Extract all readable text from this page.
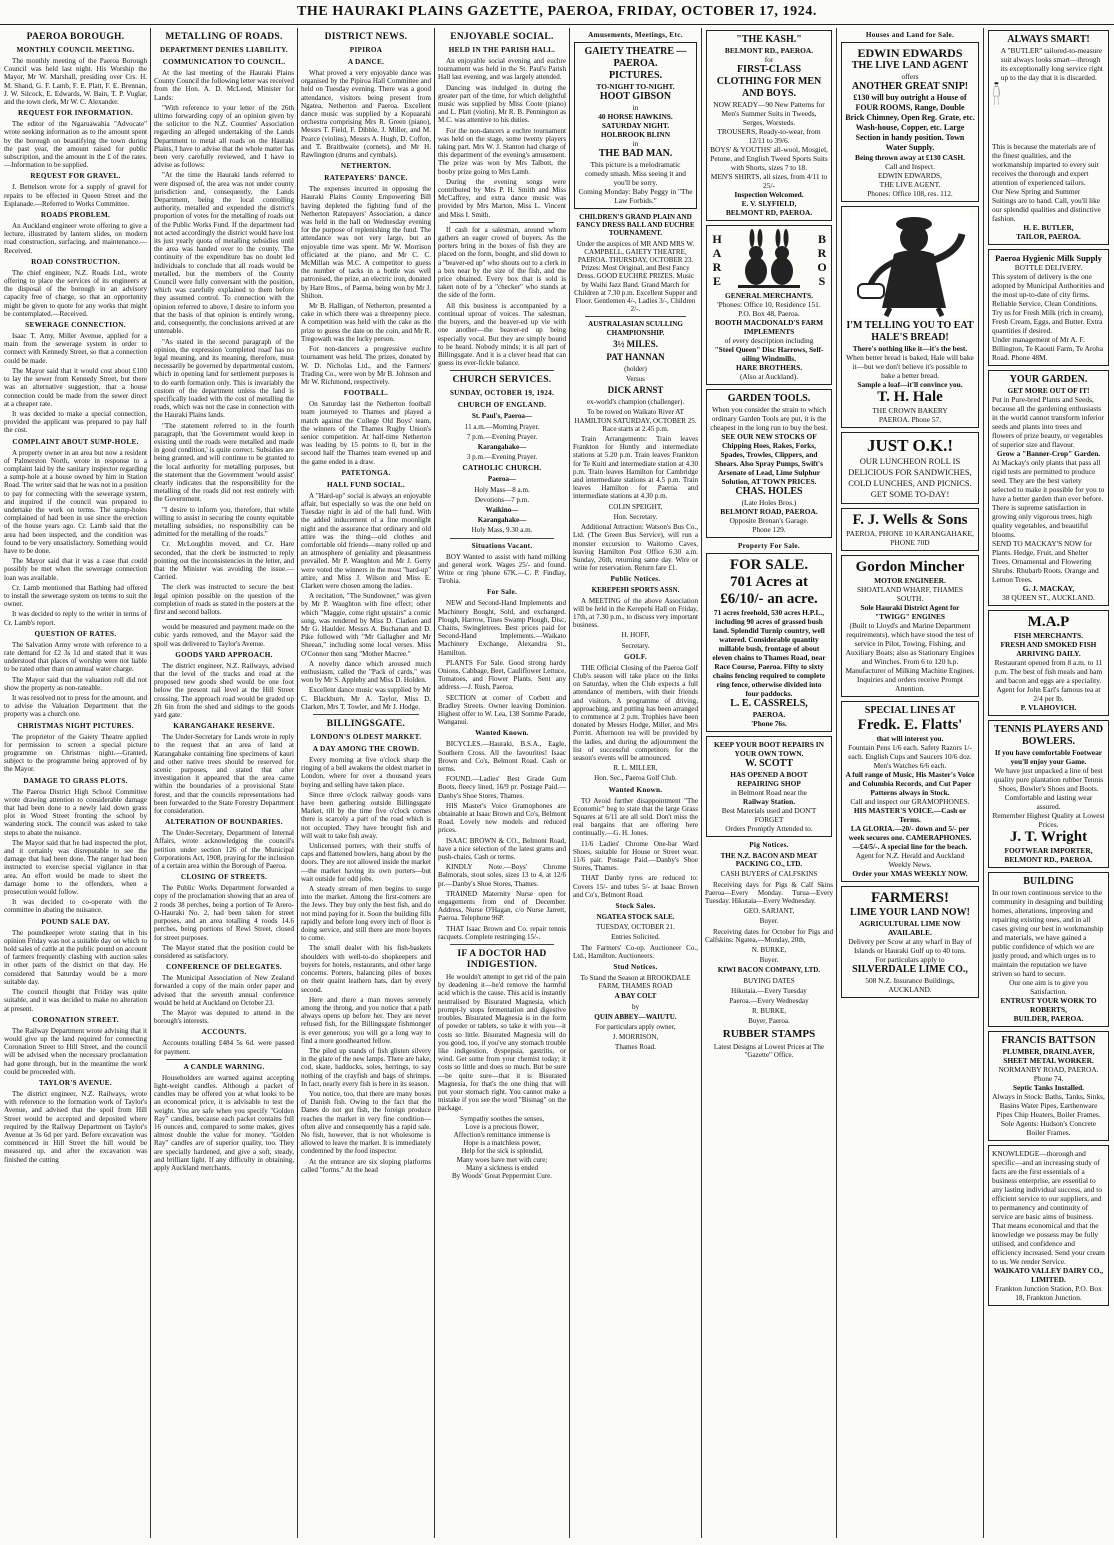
THE HAURAKI PLAINS GAZETTE, PAEROA, FRIDAY, OCTOBER 17, 1924.
PAEROA BOROUGH.
MONTHLY COUNCIL MEETING.

The monthly meeting of the Paeroa Borough Council was held last night. His Worship the Mayor, Mr W. Marshall, presiding over Crs. H. M. Shand, G. F. Lamb, F. E. Platt, F. E. Brennan, J. W. Silcock, E. Edwards, W. Bain, T. P. Vuglar, and the town clerk, Mr W. C. Alexander.

REQUEST FOR INFORMATION.

The editor of the Ngaruawahia "Advocate" wrote seeking information as to the amount spent by the borough on beautifying the town during the past year, the amount raised for public subscription, and the amount in the £ of the rates.—Information to be supplied.

REQUEST FOR GRAVEL.

J. Bettelson wrote for a supply of gravel for repairs to be effected in Queen Street and the Esplanade.—Referred to Works Committee.

ROADS PROBLEM.

An Auckland engineer wrote offering to give a lecture, illustrated by lantern slides, on modern road construction, surfacing, and maintenance.—Received.

ROAD CONSTRUCTION.

The chief engineer, N.Z. Roads Ltd., wrote offering to place the services of its engineers at the disposal of the borough in an advisory capacity free of charge, so that an opportunity might be given to quote for any works that might be contemplated.—Received.

SEWERAGE CONNECTION.

Isaac T. Amy, Miller Avenue, applied for a main from the sewerage system in order to connect with Kennedy Street, so that a connection could be made.

The Mayor said that it would cost about £100 to lay the sewer from Kennedy Street, but there was an alternative suggestion, that a house connection could be made from the sewer direct at a cheaper rate.

It was decided to make a special connection, provided the applicant was prepared to pay half the cost.

COMPLAINT ABOUT SUMP-HOLE.

A property owner in an area but now a resident of Palmerston North, wrote in response to a complaint laid by the sanitary inspector regarding a sump-hole at a house owned by him in Station Road. The writer said that he was not in a position to pay for connecting with the sewerage system, and inquired if the council was prepared to undertake the work on terms. The sump-holes complained of had been in use since the erection of the house years ago. Cr. Lamb said that the area had been inspected, and the condition was found to be very unsatisfactory. Something would have to be done.

The Mayor said that it was a case that could possibly be met when the sewerage connection loan was available.

Cr. Lamb mentioned that Bathing had offered to install the sewerage system on terms to suit the owner.

It was decided to reply to the writer in terms of Cr. Lamb's report.

QUESTION OF RATES.

The Salvation Army wrote with reference to a rate demand for £2 3s 1d and stated that it was understood that places of worship were not liable to be rated other than on annual water charge.

The Mayor said that the valuation roll did not show the property as non-rateable.

It was resolved not to press for the amount, and to advise the Valuation Department that the property was a church one.

CHRISTMAS NIGHT PICTURES.

The proprietor of the Gaiety Theatre applied for permission to screen a special picture programme on Christmas night.—Granted, subject to the programme being approved of by the Mayor.

DAMAGE TO GRASS PLOTS.

The Paeroa District High School Committee wrote drawing attention to considerable damage that had been done to a newly laid down grass plot in Wood Street fronting the school by wandering stock. The council was asked to take steps to abate the nuisance.

The Mayor said that he had inspected the plot, and it certainly was disreputable to see the damage that had been done. The ranger had been instructed to exercise special vigilance in that area. An effort would be made to sheet the damage home to the offenders, when a prosecution would follow.

It was decided to co-operate with the committee in abating the nuisance.

POUND SALE DAY.

The poundkeeper wrote stating that in his opinion Friday was not a suitable day on which to hold sales of cattle at the public pound on account of farmers frequently clashing with auction sales in other parts of the district on that day. He considered that Saturday would be a more suitable day.

The council thought that Friday was quite suitable, and it was decided to make no alteration at present.

CORONATION STREET.

The Railway Department wrote advising that it would give up the land required for connecting Coronation Street to Hill Street, and the council will be advised when the necessary proclamation had gone through, but in the meantime the work could be proceeded with.

TAYLOR'S AVENUE.

The district engineer, N.Z. Railways, wrote with reference to the formation work of Taylor's Avenue, and advised that the spoil from Hill Street would be accepted and deposited where required by the Railway Department on Taylor's Avenue at 3s 6d per yard. Before excavation was commenced in Hill Street the hill would be measured up, and after the excavation was finished the cutting

METALLING OF ROADS.
DEPARTMENT DENIES LIABILITY.
COMMUNICATION TO COUNCIL.

At the last meeting of the Hauraki Plains County Council the following letter was received from the Hon. A. D. McLeod, Minister for Lands:

"With reference to your letter of the 26th ultimo forwarding copy of an opinion given by the solicitor to the N.Z. Counties' Association regarding an alleged undertaking of the Lands Department to metal all roads on the Hauraki Plains, I have to advise that the whole matter has been very carefully reviewed, and I have to advise as follows:

"At the time the Hauraki lands referred to were disposed of, the area was not under county jurisdiction and, consequently, the Lands Department, being the local controlling authority, metalled and expended the district's proportion of votes for the metalling of roads out of the Public Works Fund. If the department had not acted accordingly the district would have lost its just yearly quota of metalling subsidies until the area was handed over to the county. The continuity of the expenditure has no doubt led individuals to conclude that all roads would be metalled, but the members of the County Council were fully conversant with the position, which was carefully explained to them before they assumed control. To connection with the opinion referred to above, I desire to inform you that the basis of that opinion is entirely wrong, and, consequently, the conclusions arrived at are untenable.

"As stated in the second paragraph of the opinion, the expression 'completed road' has no legal meaning, and its meaning, therefore, must necessarily be governed by departmental custom, which in opening land for settlement purposes is to do earth formation only. This is invariably the custom of the department unless the land is specifically loaded with the cost of metalling the roads, which was not the case in connection with the Hauraki Plains lands.

"The statement referred to in the fourth paragraph, that 'the Government would keep in existing until the roads were metalled and made in good condition,' is quite correct. Subsidies are being granted, and will continue to be granted to the local authority for metalling purposes, but the statement that the Government 'would assist' clearly indicates that the responsibility for the metalling of the roads did not rest entirely with the Government.

"I desire to inform you, therefore, that while willing to assist in securing the county equitable metalling subsidies, no responsibility can be admitted for the metalling of the roads."

Cr. McLoughlin moved, and Cr. Hare seconded, that the clerk be instructed to reply pointing out the inconsistencies in the letter, and that the Minister was avoiding the issue.—Carried.

The clerk was instructed to secure the best legal opinion possible on the question of the completion of roads as stated in the posters at the first and second ballots.

would be measured and payment made on the cubic yards removed, and the Mayor said the spoil was delivered to Taylor's Avenue.

GOODS YARD APPROACH.

The district engineer, N.Z. Railways, advised that the level of the tracks and road at the proposed new goods shed would be one foot below the present rail level at the Hill Street crossing. The approach road would be graded up 2ft 6in from the shed and sidings to the goods yard gate.

KARANGAHAKE RESERVE.

The Under-Secretary for Lands wrote in reply to the request that an area of land at Karangahake containing fine specimens of kauri and other native trees should be reserved for scenic purposes, and stated that after investigation it appeared that the area came within the boundaries of a provisional State forest, and that the councils representations had been forwarded to the State Forestry Department for consideration.

ALTERATION OF BOUNDARIES.

The Under-Secretary, Department of Internal Affairs, wrote acknowledging the council's petition under section 126 of the Municipal Corporations Act, 1908, praying for the inclusion of a certain area within the Borough of Paeroa.

CLOSING OF STREETS.

The Public Works Department forwarded a copy of the proclamation showing that an area of 2 roods 38 perches, being a portion of Te Arero-O-Hauraki No. 2, had been taken for street purposes, and an area totalling 4 roods 14.6 perches, being portions of Rewi Street, closed for street purposes.

The Mayor stated that the position could be considered as satisfactory.

CONFERENCE OF DELEGATES.

The Municipal Association of New Zealand forwarded a copy of the main order paper and advised that the seventh annual conference would be held at Auckland on October 23.

The Mayor was deputed to attend in the borough's interests.

ACCOUNTS.

Accounts totalling £484 5s 6d. were passed for payment.

A CANDLE WARNING.

Householders are warned against accepting light-weight candles. Although a packet of candles may be offered you at what looks to be an economical price, it is advisable to test the weight. You are safe when you specify "Golden Ray" candles, because each packet contains full 16 ounces and, compared to some makes, gives almost double the value for money. "Golden Ray" candles are of superior quality, too. They are specially hardened, and give a soft, steady, and brilliant light. If any difficulty in obtaining, apply Auckland merchants.

DISTRICT NEWS.
PIPIROA
A DANCE.

What proved a very enjoyable dance was organised by the Pipiroa Hall Committee and held on Tuesday evening. There was a good attendance, visitors being present from Ngatea, Netherton and Paeroa. Excellent dance music was supplied by a Kopuarahi orchestra comprising Mrs R. Green (piano), Messrs T. Field, F. Dibble, J. Miller, and M. Pearce (violins), Messrs A. Hugh, D. Coffon, and T. Braithwaite (cornets), and Mr H. Rawlington (drums and cymbals).

NETHERTON.
RATEPAYERS' DANCE.

The expenses incurred in opposing the Hauraki Plains County Empowering Bill having depleted the fighting fund of the Netherton Ratepayers' Association, a dance was held in the hall on Wednesday evening for the purpose of replenishing the fund. The attendance was not very large, but an enjoyable time was spent. Mr W. Morrison officiated at the piano, and Mr C. C. McMillan was M.C. A competitor to guess the number of tacks in a bottle was well patronised, the prize, an electric iron, donated by Hare Bros., of Paeroa, being won by Mr J. Shilton.

Mr B. Halligan, of Netherton, presented a cake in which there was a threepenny piece. A competition was held with the cake as the prize to guess the date on the coin, and Mr R. Tregowath was the lucky person.

For non-dancers a progressive euchre tournament was held. The prizes, donated by W. D. Nicholas Ltd., and the Farmers' Trading Co., were won by Mr B. Johnson and Mr W. Richmond, respectively.

FOOTBALL.

On Saturday last the Netherton football team journeyed to Thames and played a match against the College Old Boys' team, the winners of the Thames Rugby Union's senior competition. At half-time Netherton was leading by 15 points to 0, but in the second half the Thames team evened up and the game ended in a draw.

PATETONGA.
HALL FUND SOCIAL.

A "Hard-up" social is always an enjoyable affair, but especially so was the one held on Tuesday night in aid of the hall fund. With the added inducement of a fine moonlight night and the assurance that ordinary and old attire was the thing—old clothes and comfortable old friends—many rolled up and an atmosphere of geniality and pleasantness prevailed. Mr P. Waughton and Mr J. Gerry were voted the winners in the most "hard-up" attire, and Miss J. Wilson and Miss E. Clarken were chosen among the ladies.

A recitation, "The Sundowner," was given by Mr P. Waughton with fine effect; other which "Maggie, come right upstairs" a comic song, was rendered by Miss D. Clarken and Mr G. Haulder. Messrs A. Buchanan and D. Pike followed with "Mr Gallagher and Mr Sheean," including some local verses. Miss O'Connor then sang "Mother Macree."

A novelty dance which aroused much enthusiasm, called the "Pack of cards," was won by Mr S. Appleby and Miss D. Holden.

Excellent dance music was supplied by Mr C. Blackburn, Mr A. Taylor, Miss D. Clarken, Mrs T. Towler, and Mr J. Hodge.

BILLINGSGATE.
LONDON'S OLDEST MARKET.
A DAY AMONG THE CROWD.

Every morning at five o'clock sharp the ringing of a bell awakens the oldest market in London, where for over a thousand years buying and selling have taken place.

Since three o'clock railway goods vans have been gathering outside Billingsgate Market, till by the time five o'clock comes there is scarcely a part of the road which is not occupied. They have brought fish and will wait to take fish away.

Unlicensed porters, with their stuffs of caps and flattened bowlers, hang about by the doors. They are not allowed inside the market—the market having its own porters—but wait outside for odd jobs.

A steady stream of men begins to surge into the market. Among the first-comers are the Jews. They buy only the best fish, and do not mind paying for it. Soon the building fills rapidly and before long every inch of floor is doing service, and still there are more buyers to come.

The small dealer with his fish-baskets shoulders with well-to-do shopkeepers and buyers for hotels, restaurants, and other large concerns. Porters, balancing piles of boxes on their quaint leathern hats, dart by every second.

Here and there a man moves serenely among the throng, and you notice that a path always opens up before her. They are never refused fish, for the Billingsgate fishmonger is ever generous; you will go a long way to find a more goodhearted fellow.

The piled up stands of fish glisten silvery in the glare of the new lamps. There are hake, cod, skate, haddocks, soles, herrings, to say nothing of the crayfish and bags of shrimps. In fact, nearly every fish is here in its season.

You notice, too, that there are many boxes of Danish fish. Owing to the fact that the Danes do not gut fish, the foreign produce reaches the market in very fine condition—often alive and consequently has a rapid sale. No fish, however, that is not wholesome is allowed to leave the market. It is immediately condemned by the food inspector.

At the entrance are six sloping platforms called "forms." At the head

ENJOYABLE SOCIAL.
HELD IN THE PARISH HALL.

An enjoyable social evening and euchre tournament was held in the St. Paul's Parish Hall last evening, and was largely attended.

Dancing was indulged in during the greater part of the time, for which delightful music was supplied by Miss Coote (piano) and L. Platt (violin). Mr R. B. Pennington as M.C. was attentive to his duties.

For the non-dancers a euchre tournament was held on the stage, some twenty players taking part. Mrs W. J. Stanton had charge of this department of the evening's amusement. The prize was won by Mrs Talbott, the booby prize going to Mrs Lamb.

During the evening songs were contributed by Mrs P. H. Smith and Miss McCaffrey, and extra dance music was provided by Mrs Marton, Miss L. Vincent and Miss I. Smith.

If cash for a salesman, around whom gathers an eager crowd of buyers. As the porters bring in the boxes of fish they are placed on the form, bought, and slid down to a "beaver-ed up" who shouts out to a clerk in a box near by the size of the fish, and the price obtained. Every box that is sold is taken note of by a "checker" who stands at the side of the form.

All this business is accompanied by a continual uproar of voices. The salesman, the buyers, and the beaver-ed up vie with one another—the beaver-ed up being especially vocal. But they are simply bound to be heard. Nobody minds; it is all part of Billingsgate. And it is a clever head that can guess its ever-fickle balance.

CHURCH SERVICES.
SUNDAY, OCTOBER 19, 1924.
CHURCH OF ENGLAND.

St. Paul's, Paeroa—

11 a.m.—Morning Prayer.

7 p.m.—Evening Prayer.

Karangahake—

3 p.m.—Evening Prayer.

CATHOLIC CHURCH.

Paeroa—

Holy Mass—8 a.m.

Devotions—7 p.m.

Waikino—

Karangahake—

Holy Mass, 9.30 a.m.

Situations Vacant.

BOY Wanted to assist with hand milking and general work. Wages 25/- and found. Write or ring 'phone 67K.—C. P. Findlay, Tirohia.

For Sale.

NEW and Second-Hand Implements and Machinery Bought, Sold, and exchanged. Plough, Harrow, Tines Swamp Plough, Disc, Chains, Swingletrees. Best prices paid for Second-Hand Implements.—Waikato Machinery Exchange, Alexandra St., Hamilton.

PLANTS For Sale. Good strong hardy Onions, Cabbage, Beet, Cauliflower Lettuce, Tomatoes, and Flower Plants. Sent any address.—J. Rush, Paeroa.

SECTION at corner of Corbett and Bradley Streets. Owner leaving Dominion. Highest offer to W. Lea, 138 Somme Parade, Wanganui.

Wanted Known.

BICYCLES.—Hauraki, B.S.A., Eagle, Southern Cross. All the favourites! Isaac Brown and Co's, Belmont Road. Cash or terms.

FOUND.—Ladies' Best Grade Gum Boots, fleecy lined, 16/9 pr. Postage Paid.—Danby's Shoe Stores, Thames.

HIS Master's Voice Gramophones are obtainable at Isaac Brown and Co's, Belmont Road. Lovely new models and reduced prices.

ISAAC BROWN & CO., Belmont Road, have a nice selection of the latest grams and push-chairs. Cash or terms.

KINDLY Note.—Boys' Chrome Balmorals, stout soles, sizes 13 to 4, at 12/6 pr.—Danby's Shoe Stores, Thames.

TRAINED Maternity Nurse open for engagements from end of December. Address, Nurse O'Hagan, c/o Nurse Jarrett, Paeroa. Telephone 96P.

THAT Isaac Brown and Co. repair tennis racquets. Complete restringing 15/-.

IF A DOCTOR HAD INDIGESTION.

He wouldn't attempt to get rid of the pain by deadening it—he'd remove the harmful acid which is the cause. This acid is instantly neutralised by Bisurated Magnesia, which prompt-ly stops fermentation and digestive troubles. Bisurated Magnesia is in the form of powder or tablets, so take it with you—it costs so little. Bisurated Magnesia will do you good, too, if you've any stomach trouble like indigestion, dyspepsia, gastritis, or wind. Get some from your chemist today; it costs so little and does so much. But be sure—be quite sure—that it is Bisurated Magnesia, for that's the one thing that will put your stomach right. You cannot make a mistake if you see the word "Bismag" on the package.

Sympathy soothes the senses,
Love is a precious flower,
Affection's remittance immense is
Hope is a matchless power,
Help for the sick is splendid,
Many woes have met with cure;
Many a sickness is ended
By Woods' Great Peppermint Cure.

Amusements, Meetings, Etc.
GAIETY THEATRE — PAEROA.
PICTURES.
TO-NIGHT TO-NIGHT.
HOOT GIBSON
in
40 HORSE HAWKINS.
SATURDAY NIGHT.
HOLBROOK BLINN
in
THE BAD MAN.
This picture is a melodramatic comedy smash. Miss seeing it and you'll be sorry.
Coming Monday: Baby Peggy in "The Law Forbids."

CHILDREN'S GRAND PLAIN AND FANCY DRESS BALL AND EUCHRE TOURNAMENT.

Under the auspices of MR AND MRS W. CAMPBELL, GAIETY THEATRE, PAEROA. THURSDAY, OCTOBER 23. Prizes: Most Original, and Best Fancy Dress. GOOD EUCHRE PRIZES. Music by Waihi Jazz Band. Grand March for Children at 7.30 p.m. Excellent Supper and Floor. Gentlemen 4/-, Ladies 3/-, Children 2/-.

AUSTRALASIAN SCULLING CHAMPIONSHIP.

3½ MILES.

PAT HANNAN

(holder)

Versus

DICK ARNST

ex-world's champion (challenger).

To be rowed on Waikato River AT HAMILTON SATURDAY, OCTOBER 25. Race starts at 2.45 p.m.

Train Arrangements: Train leaves Frankton for Huntly and intermediate stations at 5.20 p.m. Train leaves Frankton for Te Kuiti and intermediate station at 4.30 p.m. Train leaves Hamilton for Cambridge and intermediate stations at 4.5 p.m. Train leaves Hamilton for Paeroa and intermediate stations at 4.30 p.m.

COLIN SPEIGHT,

Hon. Secretary.

Additional Attraction: Watson's Bus Co., Ltd. (The Green Bus Service), will run a monster excursion to Waitomo Caves, leaving Hamilton Post Office 6.30 a.m. Sunday, 26th, returning same day. Wire or write for reservation. Return fare £1.

Public Notices.

KEREPEHI SPORTS ASSN.

A MEETING of the above Association will be held in the Kerepehi Hall on Friday, 17th, at 7.30 p.m., to discuss very important business.

H. HOFF,

Secretary.

GOLF.

THE Official Closing of the Paeroa Golf Club's season will take place on the links on Saturday, when the Club expects a full attendance of members, with their friends and visitors. A programme of driving, approaching, and putting has been arranged to commence at 2 p.m. Trophies have been donated by Messrs Hodge, Miller, and Mrs Porritt. Afternoon tea will be provided by the ladies, and during the adjournment the list of successful competitors for the season's events will be announced.

R. L. MILLER,

Hon. Sec., Paeroa Golf Club.

Wanted Known.

TO Avoid further disappointment "The Economic" beg to state that the large Grass Squares at 6/11 are all sold. Don't miss the real bargains that are offering here continually.—G. H. Jones.

11/6 Ladies' Chrome One-bar Ward Shoes, suitable for House or Street wear. 11/6 pair. Postage Paid.—Danby's Shoe Stores, Thames.

THAT Danby tyres are reduced to: Covers 15/- and tubes 5/- at Isaac Brown and Co's, Belmont Road.

Stock Sales.

NGATEA STOCK SALE.

TUESDAY, OCTOBER 21.

Entries Solicited.

The Farmers' Co-op. Auctioneer Co., Ltd., Hamilton. Auctioneers.

Stud Notices.

To Stand the Season at BROOKDALE FARM, THAMES ROAD

A BAY COLT

by

QUIN ABBEY—WAIUTU.

For particulars apply owner,

J. MORRISON,

Thames Road.

"THE KASH."
BELMONT RD., PAEROA.
for
FIRST-CLASS CLOTHING FOR MEN AND BOYS.
NOW READY—90 New Patterns for Men's Summer Suits in Tweeds, Serges, Worsteds.
TROUSERS, Ready-to-wear, from 12/11 to 39/6.
BOYS' & YOUTHS' all-wool, Mosgiel, Petone, and English Tweed Sports Suits with Shorts, sizes 7 to 18.
MEN'S SHIRTS, all sizes, from 4/11 to 25/-
Inspection Welcomed.
E. V. SLYFIELD,
BELMONT RD, PAEROA.
HARE	BROS
GENERAL MERCHANTS.
'Phones: Office 10, Residence 151.
P.O. Box 48, Paeroa.
BOOTH MACDONALD'S FARM IMPLEMENTS
of every description including
"Steel Queen" Disc Harrows, Self-oiling Windmills.
HARE BROTHERS.
(Also at Auckland).
GARDEN TOOLS.
When you consider the strain to which ordinary Garden Tools are put, it is the cheapest in the long run to buy the best.
SEE OUR NEW STOCKS OF Chipping Hoes, Rakes, Forks, Spades, Trowles, Clippers, and Shears. Also Spray Pumps, Swift's Arsenate of Lead, Lime Sulphur Solution, AT TOWN PRICES.
CHAS. HOLES
(Late Holes Bros.)
BELMONT ROAD, PAEROA.
Opposite Brenan's Garage.
Phone 129.
Property For Sale.
FOR SALE.
701 Acres at £6/10/- an acre.
71 acres freehold, 530 acres H.P.L., including 90 acres of grassed bush land. Splendid Turnip country, well watered. Considerable quantity millable bush, frontage of about eleven chains to Thames Road, near Race Course, Paeroa. Fifty to sixty chains fencing required to complete ring fence, otherwise divided into four paddocks.
L. E. CASSRELS,
PAEROA.
'Phone 76s.
KEEP YOUR BOOT REPAIRS IN YOUR OWN TOWN.
W. SCOTT
HAS OPENED A BOOT REPAIRING SHOP
in Belmont Road near the
Railway Station.
Best Materials used and DON'T FORGET
Orders Promptly Attended to.
Pig Notices.

THE N.Z. BACON AND MEAT PACKING CO., LTD.

CASH BUYERS of CALFSKINS

Receiving days for Pigs & Calf Skins Paeroa—Every Monday. Turua—Every Tuesday. Hikutaia—Every Wednesday.

GEO. SARJANT,

Buyer.

Receiving dates for October for Pigs and Calfskins: Ngatea,—Monday, 20th,

N. BURKE,

Buyer.

KIWI BACON COMPANY, LTD.

BUYING DATES

Hikutaia.—Every Tuesday

Paeroa.—Every Wednesday

R. BURKE,

Buyer, Paeroa.

RUBBER STAMPS

Latest Designs at Lowest Prices at The "Gazette" Office.

Houses and Land for Sale.
EDWIN EDWARDS
THE LIVE LAND AGENT
offers
ANOTHER GREAT SNIP!
£130 will buy outright a House of FOUR ROOMS, Range, Double Brick Chimney, Open Reg. Grate, etc. Wash-house, Copper, etc. Large Section in handy position. Town Water Supply.
Being thrown away at £130 CASH.
Call and Inspect.
EDWIN EDWARDS,
THE LIVE AGENT.
Phones: Office 108, res. 112.
I'M TELLING YOU TO EAT HALE'S BREAD!
There's nothing like it—it's the best.
When better bread is baked, Hale will bake it—but we don't believe it's possible to bake a better bread.
Sample a loaf—it'll convince you.
T. H. Hale
THE CROWN BAKERY
PAEROA. Phone 57.
JUST O.K.!
OUR LUNCHEON ROLL IS DELICIOUS FOR SANDWICHES, COLD LUNCHES, AND PICNICS.
GET SOME TO-DAY!
F. J. Wells & Sons
PAEROA, PHONE 10 KARANGAHAKE, PHONE 70D
Gordon Mincher
MOTOR ENGINEER.
SHOATLAND WHARF, THAMES SOUTH.
Sole Hauraki District Agent for "TWIGG" ENGINES
(Built to Lloyd's and Marine Department requirements), which have stood the test of service in Pilot, Towing, Fishing, and Auxiliary Boats; also as Stationary Engines and Winches. From 6 to 120 h.p.
Manufacturer of Milking Machine Engines.
Inquiries and orders receive Prompt Attention.
SPECIAL LINES AT
Fredk. E. Flatts'
that will interest you.
Fountain Pens 1/6 each. Safety Razors 1/- each. English Cups and Saucers 10/6 doz. Men's Watches 6/6 each.
A full range of Music, His Master's Voice and Columbia Records, and Cut Paper Patterns always in Stock.
Call and inspect our GRAMOPHONES.
HIS MASTER'S VOICE.—Cash or Terms.
LA GLORIA.—20/- down and 5/- per week secures one. CAMERAPHONES.—£4/5/-. A special line for the beach.
Agent for N.Z. Herald and Auckland Weekly News.
Order your XMAS WEEKLY NOW.
FARMERS!
LIME YOUR LAND NOW!
AGRICULTURAL LIME NOW AVAILABLE.
Delivery per Scow at any wharf in Bay of Islands or Hauraki Gulf up to 40 tons.
For particulars apply to
SILVERDALE LIME CO.,
508 N.Z. Insurance Buildings, AUCKLAND.
ALWAYS SMART!
A "BUTLER" tailored-to-measure suit always looks smart—through its exceptionally long service right up to the day that it is discarded.
This is because the materials are of the finest qualities, and the workmanship imparted to every suit receives the thorough and expert attention of experienced tailors.
Our New Spring and Summer Suitings are to hand. Call, you'll like our splendid qualities and distinctive fashion.
H. E. BUTLER,
TAILOR, PAEROA.
Paeroa Hygienic Milk Supply
BOTTLE DELIVERY.
This system of delivery is the one adopted by Municipal Authorities and the most up-to-date of city firms. Reliable Service, Clean Conditions.
Try us for Fresh Milk (rich in cream), Fresh Cream, Eggs, and Butter. Extra quantities if desired.
Under management of Mr A. F. Billington, Te Kaouti Farm, Te Aroha Road. Phone 48M.
YOUR GARDEN.
GET MORE OUT OF IT!
Put in Pure-bred Plants and Seeds, because all the gardening enthusiasts in the world cannot transform inferior seeds and plants into trees and flowers of prize beauty, or vegetables of superior size and flavour.
Grow a "Banner-Crop" Garden.
At Mackay's only plants that pass all rigid tests are permitted to produce seed. They are the best variety selected to make it possible for you to have a better garden than ever before. There is supreme satisfaction in growing only vigorous trees, high quality vegetables, and beautiful blooms.
SEND TO MACKAY'S NOW for Plants. Hedge, Fruit, and Shelter Trees. Ornamental and Flowering Shrubs. Rhubarb Roots. Orange and Lemon Trees.
G. J. MACKAY,
38 QUEEN ST., AUCKLAND.
M.A.P
FISH MERCHANTS.
FRESH AND SMOKED FISH ARRIVING DAILY.
Restaurant opened from 8 a.m. to 11 p.m. The best of fish meals and ham and bacon and eggs are a speciality.
Agent for John Earl's famous tea at 2/4 per lb.
P. VLAHOVICH.
TENNIS PLAYERS AND BOWLERS.
If you have comfortable Footwear you'll enjoy your Game.
We have just unpacked a line of best quality pure plantation rubber Tennis Shoes, Bowler's Shoes and Boots. Comfortable and lasting wear assured.
Remember Highest Quality at Lowest Prices.
J. T. Wright
FOOTWEAR IMPORTER, BELMONT RD., PAEROA.
BUILDING
In our town continuous service to the community in designing and building homes, alterations, improving and repairing existing ones, and in all cases giving our best in workmanship and materials, we have gained a public confidence of which we are justly proud, and which urges us to maintain the reputation we have striven so hard to secure.
Our one aim is to give you Satisfaction.
ENTRUST YOUR WORK TO
ROBERTS,
BUILDER, PAEROA.
FRANCIS BATTSON
PLUMBER, DRAINLAYER, SHEET METAL WORKER.
NORMANBY ROAD, PAEROA. Phone 74.
Septic Tanks Installed.
Always in Stock: Baths, Tanks, Sinks, Basins Water Pipes, Earthenware Pipes Chip Heaters, Boiler Frames.
Sole Agents: Hudson's Concrete Boiler Frames.
KNOWLEDGE—thorough and specific—and an increasing study of facts are the first essentials of a business enterprise, are essential to any lasting individual success, and to efficient service to our suppliers, and to permanency and continuity of service are basic aims of business. That means economical and that the knowledge we possess may be fully utilised, and confidence and efficiency increased. Send your cream to us. We render Service.
WAIKATO VALLEY DAIRY CO., LIMITED.
Frankton Junction Station, P.O. Box 18, Frankton Junction.
